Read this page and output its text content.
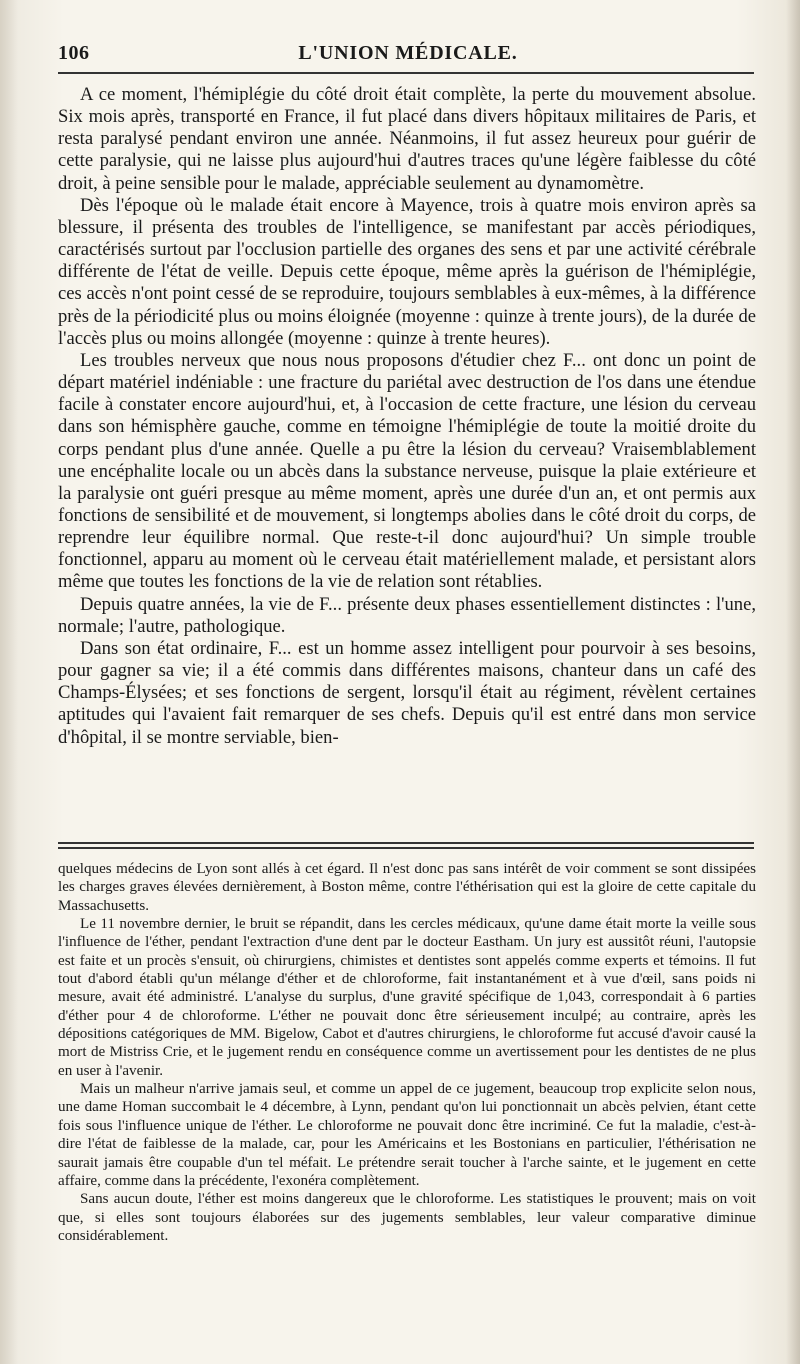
106	L'UNION MÉDICALE.

A ce moment, l'hémiplégie du côté droit était complète, la perte du mouvement absolue. Six mois après, transporté en France, il fut placé dans divers hôpitaux militaires de Paris, et resta paralysé pendant environ une année. Néanmoins, il fut assez heureux pour guérir de cette paralysie, qui ne laisse plus aujourd'hui d'autres traces qu'une légère faiblesse du côté droit, à peine sensible pour le malade, appréciable seulement au dynamomètre.

Dès l'époque où le malade était encore à Mayence, trois à quatre mois environ après sa blessure, il présenta des troubles de l'intelligence, se manifestant par accès périodiques, caractérisés surtout par l'occlusion partielle des organes des sens et par une activité cérébrale différente de l'état de veille. Depuis cette époque, même après la guérison de l'hémiplégie, ces accès n'ont point cessé de se reproduire, toujours semblables à eux-mêmes, à la différence près de la périodicité plus ou moins éloignée (moyenne : quinze à trente jours), de la durée de l'accès plus ou moins allongée (moyenne : quinze à trente heures).

Les troubles nerveux que nous nous proposons d'étudier chez F... ont donc un point de départ matériel indéniable : une fracture du pariétal avec destruction de l'os dans une étendue facile à constater encore aujourd'hui, et, à l'occasion de cette fracture, une lésion du cerveau dans son hémisphère gauche, comme en témoigne l'hémiplégie de toute la moitié droite du corps pendant plus d'une année. Quelle a pu être la lésion du cerveau? Vraisemblablement une encéphalite locale ou un abcès dans la substance nerveuse, puisque la plaie extérieure et la paralysie ont guéri presque au même moment, après une durée d'un an, et ont permis aux fonctions de sensibilité et de mouvement, si longtemps abolies dans le côté droit du corps, de reprendre leur équilibre normal. Que reste-t-il donc aujourd'hui? Un simple trouble fonctionnel, apparu au moment où le cerveau était matériellement malade, et persistant alors même que toutes les fonctions de la vie de relation sont rétablies.

Depuis quatre années, la vie de F... présente deux phases essentiellement distinctes : l'une, normale; l'autre, pathologique.

Dans son état ordinaire, F... est un homme assez intelligent pour pourvoir à ses besoins, pour gagner sa vie; il a été commis dans différentes maisons, chanteur dans un café des Champs-Élysées; et ses fonctions de sergent, lorsqu'il était au régiment, révèlent certaines aptitudes qui l'avaient fait remarquer de ses chefs. Depuis qu'il est entré dans mon service d'hôpital, il se montre serviable, bien-

quelques médecins de Lyon sont allés à cet égard. Il n'est donc pas sans intérêt de voir comment se sont dissipées les charges graves élevées dernièrement, à Boston même, contre l'éthérisation qui est la gloire de cette capitale du Massachusetts.

Le 11 novembre dernier, le bruit se répandit, dans les cercles médicaux, qu'une dame était morte la veille sous l'influence de l'éther, pendant l'extraction d'une dent par le docteur Eastham. Un jury est aussitôt réuni, l'autopsie est faite et un procès s'ensuit, où chirurgiens, chimistes et dentistes sont appelés comme experts et témoins. Il fut tout d'abord établi qu'un mélange d'éther et de chloroforme, fait instantanément et à vue d'œil, sans poids ni mesure, avait été administré. L'analyse du surplus, d'une gravité spécifique de 1,043, correspondait à 6 parties d'éther pour 4 de chloroforme. L'éther ne pouvait donc être sérieusement inculpé; au contraire, après les dépositions catégoriques de MM. Bigelow, Cabot et d'autres chirurgiens, le chloroforme fut accusé d'avoir causé la mort de Mistriss Crie, et le jugement rendu en conséquence comme un avertissement pour les dentistes de ne plus en user à l'avenir.

Mais un malheur n'arrive jamais seul, et comme un appel de ce jugement, beaucoup trop explicite selon nous, une dame Homan succombait le 4 décembre, à Lynn, pendant qu'on lui ponctionnait un abcès pelvien, étant cette fois sous l'influence unique de l'éther. Le chloroforme ne pouvait donc être incriminé. Ce fut la maladie, c'est-à-dire l'état de faiblesse de la malade, car, pour les Américains et les Bostonians en particulier, l'éthérisation ne saurait jamais être coupable d'un tel méfait. Le prétendre serait toucher à l'arche sainte, et le jugement en cette affaire, comme dans la précédente, l'exonéra complètement.

Sans aucun doute, l'éther est moins dangereux que le chloroforme. Les statistiques le prouvent; mais on voit que, si elles sont toujours élaborées sur des jugements semblables, leur valeur comparative diminue considérablement.
